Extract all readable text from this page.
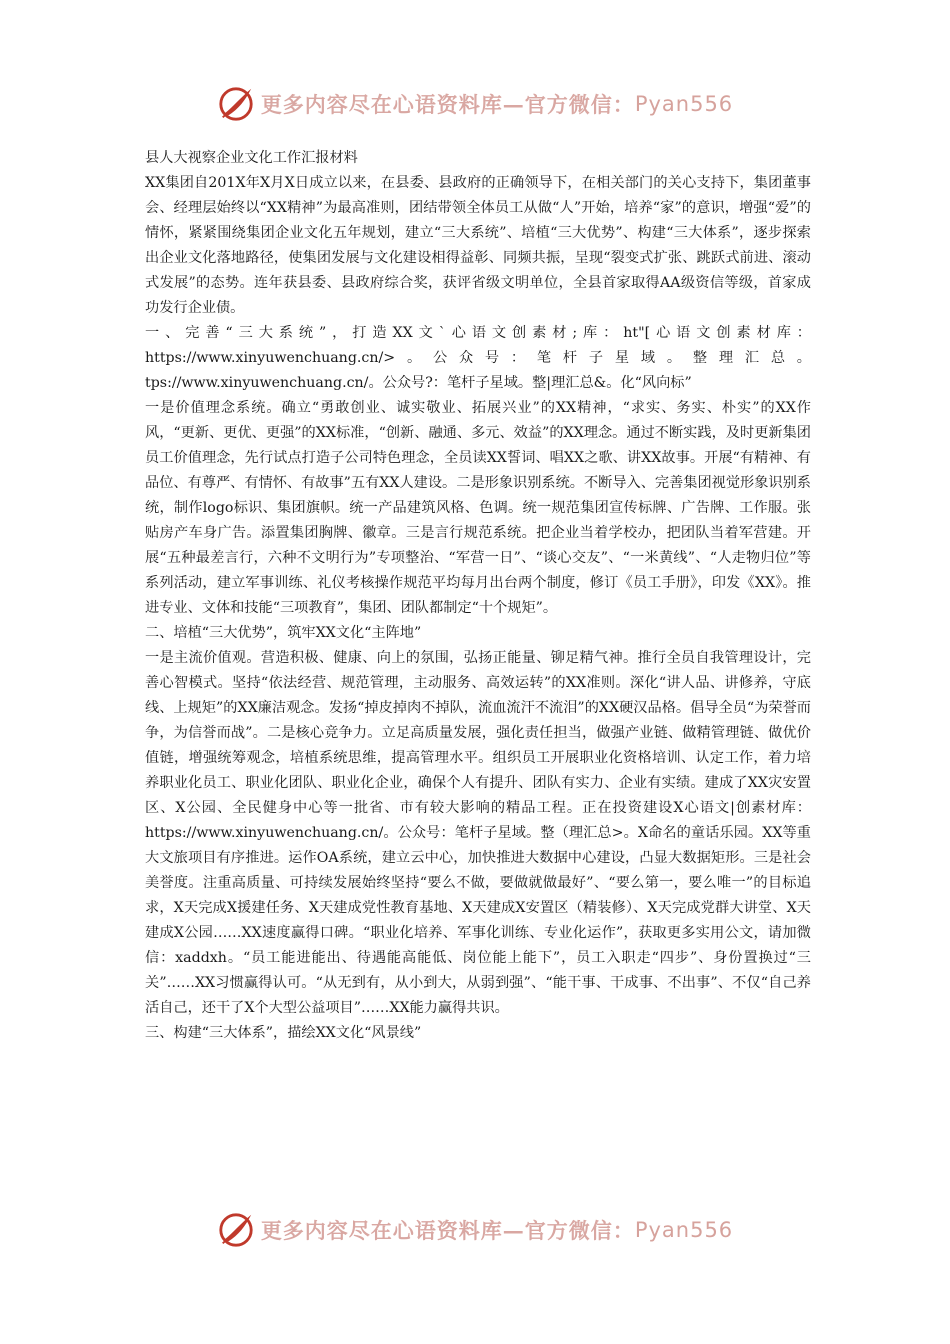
更多内容尽在心语资料库—官方微信： Pyan556

县人大视察企业文化工作汇报材料

XX集团自201X年X月X日成立以来，在县委、县政府的正确领导下，在相关部门的关心支持下，集团董事会、经理层始终以“XX精神”为最高准则，团结带领全体员工从做“人”开始，培养“家”的意识，增强“爱”的情怀，紧紧围绕集团企业文化五年规划，建立“三大系统”、培植“三大优势”、构建“三大体系”，逐步探索出企业文化落地路径，使集团发展与文化建设相得益彰、同频共振，呈现“裂变式扩张、跳跃式前进、滚动式发展”的态势。连年获县委、县政府综合奖，获评省级文明单位，全县首家取得AA级资信等级，首家成功发行企业债。

一、完善“三大系统”，打造XX文`心语文创素材;库：ht"[心语文创素材库：https://www.xinyuwenchuang.cn/>。公众号：笔杆子星域。整理汇总。tps://www.xinyuwenchuang.cn/。公众号?：笔杆子星域。整|理汇总&。化“风向标”

一是价值理念系统。确立“勇敢创业、诚实敬业、拓展兴业”的XX精神，“求实、务实、朴实”的XX作风，“更新、更优、更强”的XX标准，“创新、融通、多元、效益”的XX理念。通过不断实践，及时更新集团员工价值理念，先行试点打造子公司特色理念，全员读XX誓词、唱XX之歌、讲XX故事。开展“有精神、有品位、有尊严、有情怀、有故事”五有XX人建设。二是形象识别系统。不断导入、完善集团视觉形象识别系统，制作logo标识、集团旗帜。统一产品建筑风格、色调。统一规范集团宣传标牌、广告牌、工作服。张贴房产车身广告。添置集团胸牌、徽章。三是言行规范系统。把企业当着学校办，把团队当着军营建。开展“五种最差言行，六种不文明行为”专项整治、“军营一日”、“谈心交友”、“一米黄线”、“人走物归位”等系列活动，建立军事训练、礼仪考核操作规范平均每月出台两个制度，修订《员工手册》，印发《XX》。推进专业、文体和技能“三项教育”，集团、团队都制定“十个规矩”。

二、培植“三大优势”，筑牢XX文化“主阵地”

一是主流价值观。营造积极、健康、向上的氛围，弘扬正能量、铆足精气神。推行全员自我管理设计，完善心智模式。坚持“依法经营、规范管理，主动服务、高效运转”的XX准则。深化“讲人品、讲修养，守底线、上规矩”的XX廉洁观念。发扬“掉皮掉肉不掉队，流血流汗不流泪”的XX硬汉品格。倡导全员“为荣誉而争，为信誉而战”。二是核心竞争力。立足高质量发展，强化责任担当，做强产业链、做精管理链、做优价值链，增强统筹观念，培植系统思维，提高管理水平。组织员工开展职业化资格培训、认定工作，着力培养职业化员工、职业化团队、职业化企业，确保个人有提升、团队有实力、企业有实绩。建成了XX灾安置区、X公园、全民健身中心等一批省、市有较大影响的精品工程。正在投资建设X心语文|创素材库：https://www.xinyuwenchuang.cn/。公众号：笔杆子星域。整（理汇总>。X命名的童话乐园。XX等重大文旅项目有序推进。运作OA系统，建立云中心，加快推进大数据中心建设，凸显大数据矩形。三是社会美誉度。注重高质量、可持续发展始终坚持“要么不做，要做就做最好”、“要么第一，要么唯一”的目标追求，X天完成X援建任务、X天建成党性教育基地、X天建成X安置区（精装修）、X天完成党群大讲堂、X天建成X公园……XX速度赢得口碑。“职业化培养、军事化训练、专业化运作”，获取更多实用公文，请加微信：xaddxh。“员工能进能出、待遇能高能低、岗位能上能下”，员工入职走“四步”、身份置换过“三关”……XX习惯赢得认可。“从无到有，从小到大，从弱到强”、“能干事、干成事、不出事”、不仅“自己养活自己，还干了X个大型公益项目”……XX能力赢得共识。

三、构建“三大体系”，描绘XX文化“风景线”

更多内容尽在心语资料库—官方微信： Pyan556
